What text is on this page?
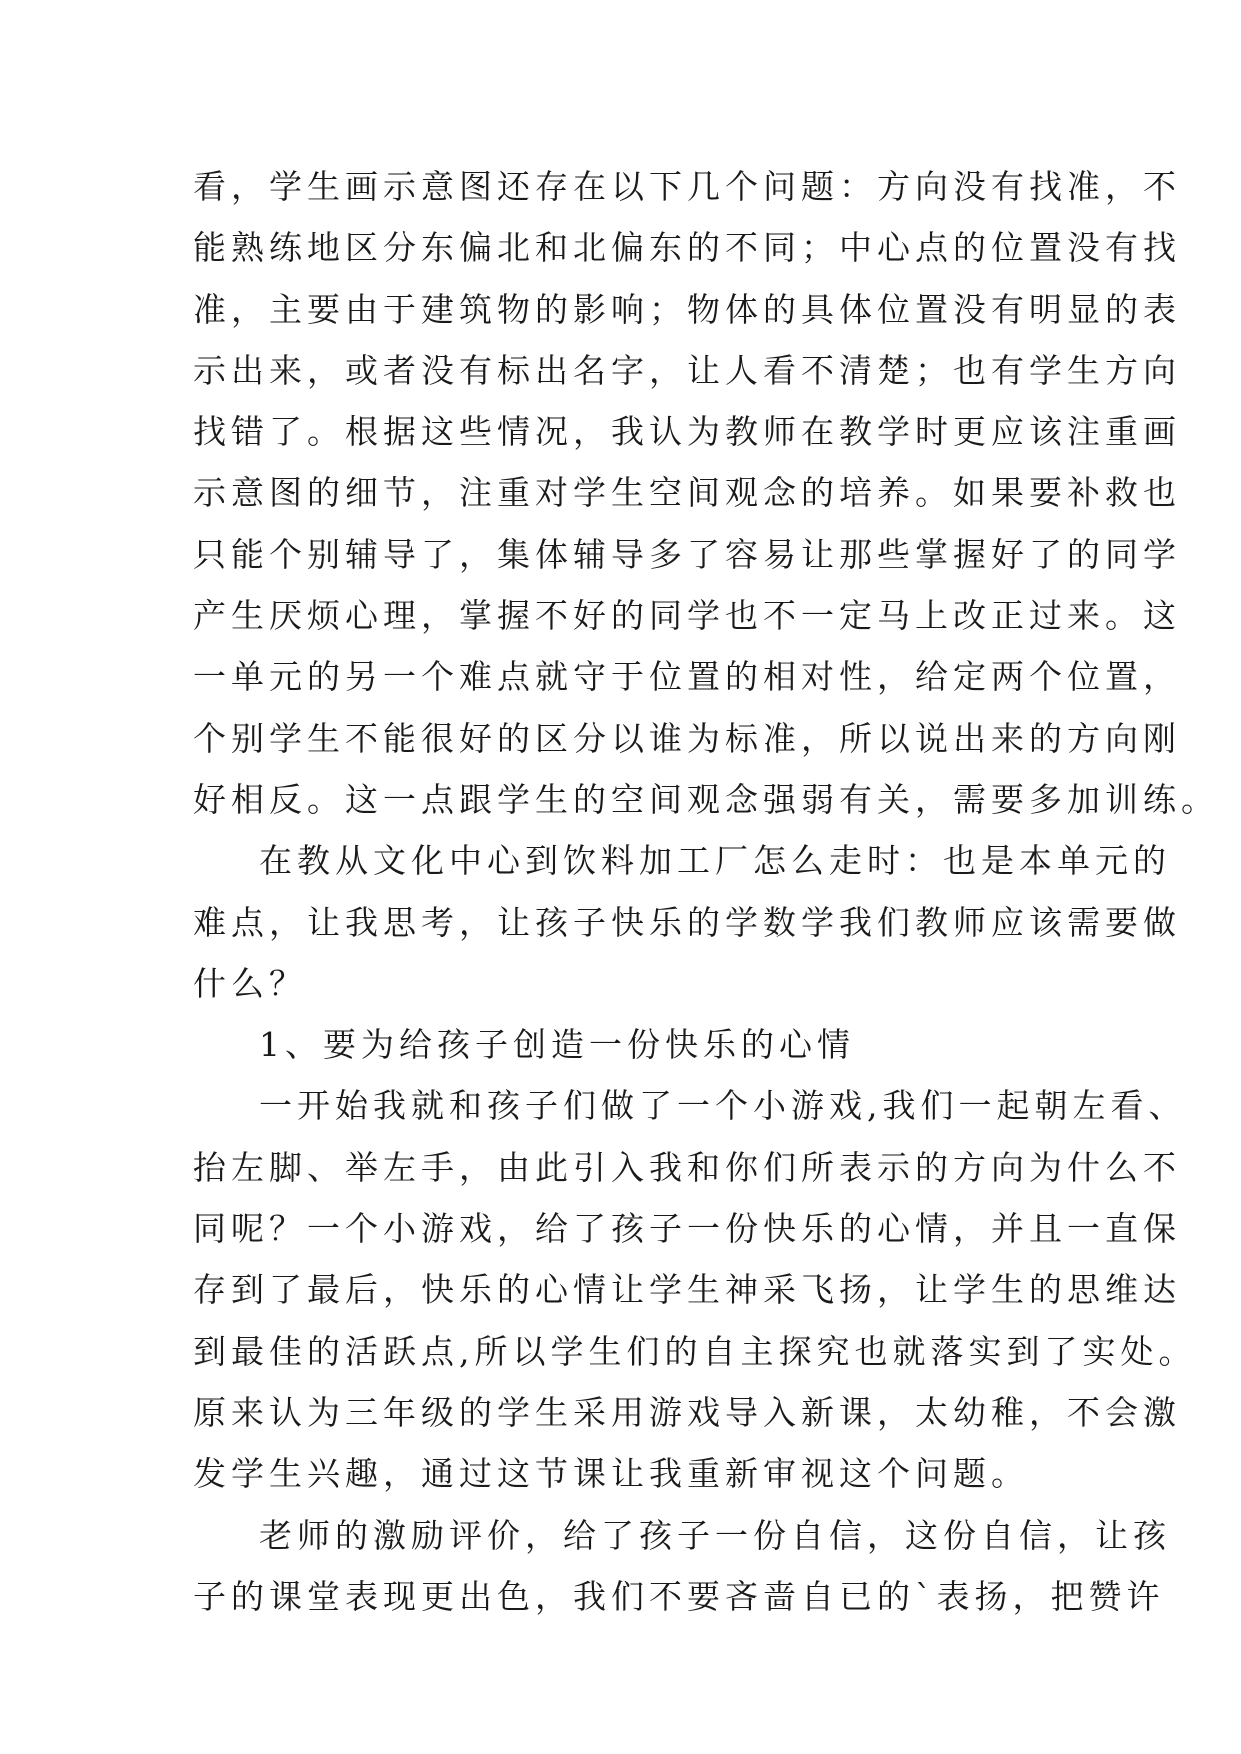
看，学生画示意图还存在以下几个问题：方向没有找准，不
能熟练地区分东偏北和北偏东的不同；中心点的位置没有找
准，主要由于建筑物的影响；物体的具体位置没有明显的表
示出来，或者没有标出名字，让人看不清楚；也有学生方向
找错了。根据这些情况，我认为教师在教学时更应该注重画
示意图的细节，注重对学生空间观念的培养。如果要补救也
只能个别辅导了，集体辅导多了容易让那些掌握好了的同学
产生厌烦心理，掌握不好的同学也不一定马上改正过来。这
一单元的另一个难点就守于位置的相对性，给定两个位置，
个别学生不能很好的区分以谁为标准，所以说出来的方向刚
好相反。这一点跟学生的空间观念强弱有关，需要多加训练。
在教从文化中心到饮料加工厂怎么走时：也是本单元的
难点，让我思考，让孩子快乐的学数学我们教师应该需要做
什么？
1、要为给孩子创造一份快乐的心情
一开始我就和孩子们做了一个小游戏,我们一起朝左看、
抬左脚、举左手，由此引入我和你们所表示的方向为什么不
同呢？一个小游戏，给了孩子一份快乐的心情，并且一直保
存到了最后，快乐的心情让学生神采飞扬，让学生的思维达
到最佳的活跃点,所以学生们的自主探究也就落实到了实处。
原来认为三年级的学生采用游戏导入新课，太幼稚，不会激
发学生兴趣，通过这节课让我重新审视这个问题。
老师的激励评价，给了孩子一份自信，这份自信，让孩
子的课堂表现更出色，我们不要吝啬自已的`表扬，把赞许
